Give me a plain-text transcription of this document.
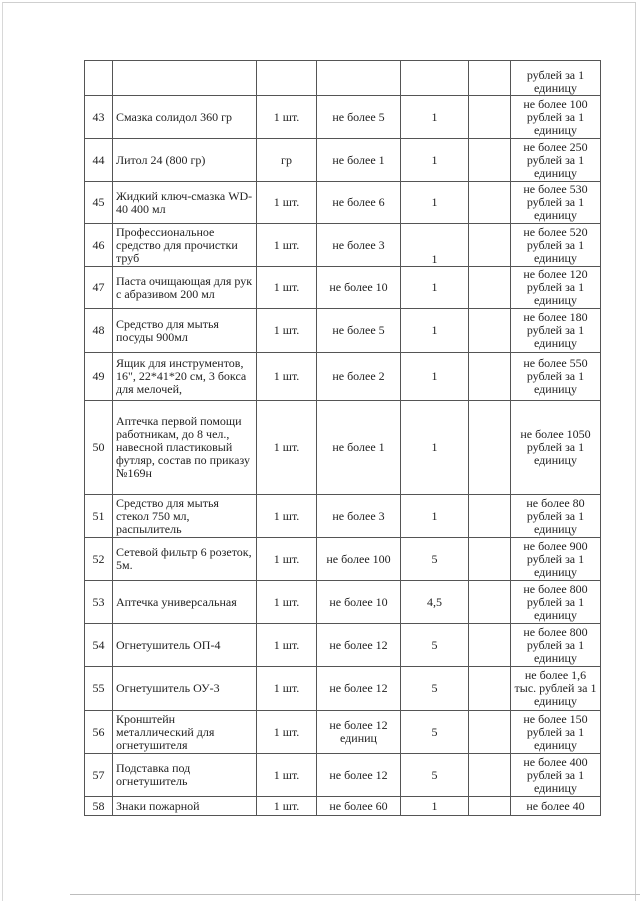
						рублей за 1 единицу
43	Смазка солидол 360 гр	1 шт.	не более 5	1		не более 100 рублей за 1 единицу
44	Литол 24 (800 гр)	гр	не более 1	1		не более 250 рублей за 1 единицу
45	Жидкий ключ-смазка WD-40 400 мл	1 шт.	не более 6	1		не более 530 рублей за 1 единицу
46	Профессиональное средство для прочистки труб	1 шт.	не более 3	1		не более 520 рублей за 1 единицу
47	Паста очищающая для рук с абразивом 200 мл	1 шт.	не более 10	1		не более 120 рублей за 1 единицу
48	Средство для мытья посуды 900мл	1 шт.	не более 5	1		не более 180 рублей за 1 единицу
49	Ящик для инструментов, 16", 22*41*20 см, 3 бокса для мелочей,	1 шт.	не более 2	1		не более 550 рублей за 1 единицу
50	Аптечка первой помощи работникам, до 8 чел., навесной пластиковый футляр, состав по приказу №169н	1 шт.	не более 1	1		не более 1050 рублей за 1 единицу
51	Средство для мытья стекол 750 мл, распылитель	1 шт.	не более 3	1		не более 80 рублей за 1 единицу
52	Сетевой фильтр 6 розеток, 5м.	1 шт.	не более 100	5		не более 900 рублей за 1 единицу
53	Аптечка универсальная	1 шт.	не более 10	4,5		не более 800 рублей за 1 единицу
54	Огнетушитель ОП-4	1 шт.	не более 12	5		не более 800 рублей за 1 единицу
55	Огнетушитель ОУ-3	1 шт.	не более 12	5		не более 1,6 тыс. рублей за 1 единицу
56	Кронштейн металлический для огнетушителя	1 шт.	не более 12 единиц	5		не более 150 рублей за 1 единицу
57	Подставка под огнетушитель	1 шт.	не более 12	5		не более 400 рублей за 1 единицу
58	Знаки пожарной	1 шт.	не более 60	1		не более 40
